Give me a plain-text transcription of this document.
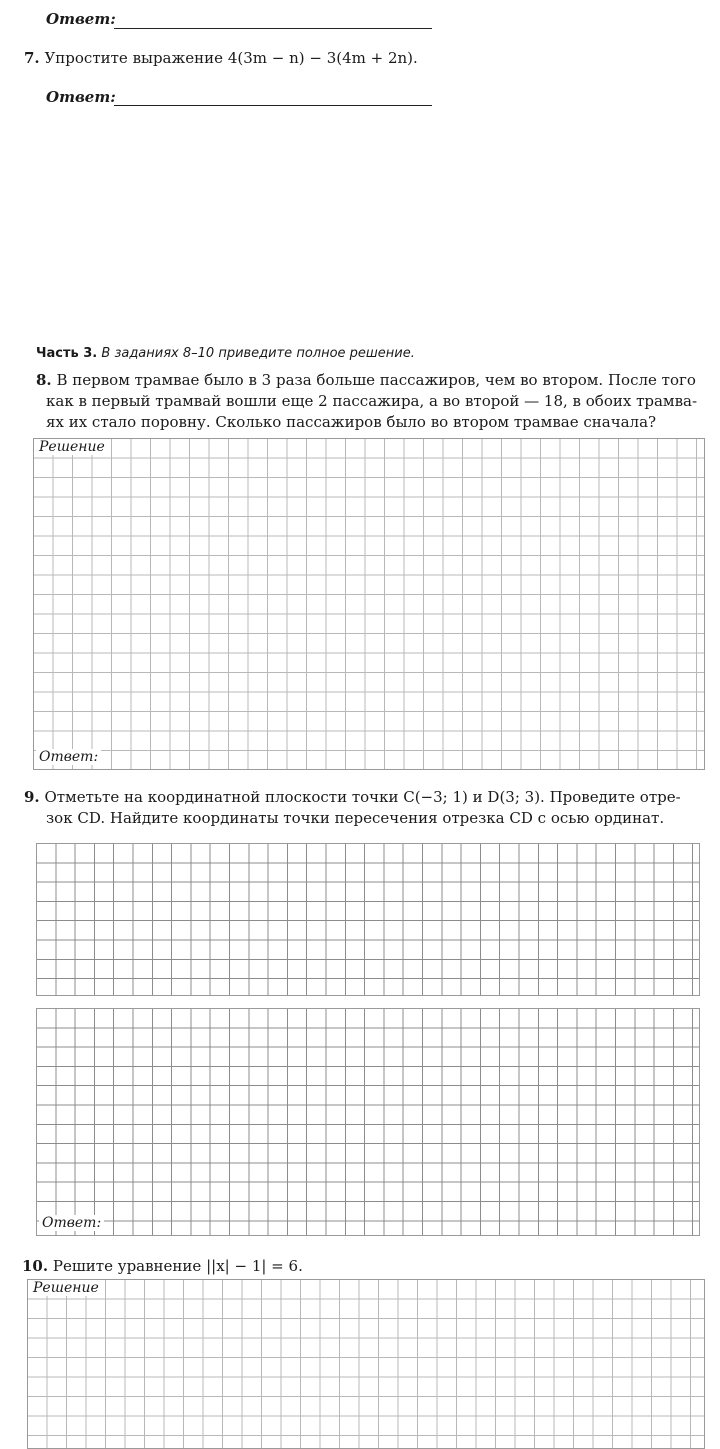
Ответ:
7. Упростите выражение 4(3m − n) − 3(4m + 2n).
Ответ:
Часть 3. В заданиях 8–10 приведите полное решение.
8. В первом трамвае было в 3 раза больше пассажиров, чем во втором. После того
как в первый трамвай вошли еще 2 пассажира, а во второй — 18, в обоих трамва-
ях их стало поровну. Сколько пассажиров было во втором трамвае сначала?
Решение
Ответ:
9. Отметьте на координатной плоскости точки C(−3; 1) и D(3; 3). Проведите отре-
зок CD. Найдите координаты точки пересечения отрезка CD с осью ординат.
Ответ:
10. Решите уравнение ||x| − 1| = 6.
Решение
